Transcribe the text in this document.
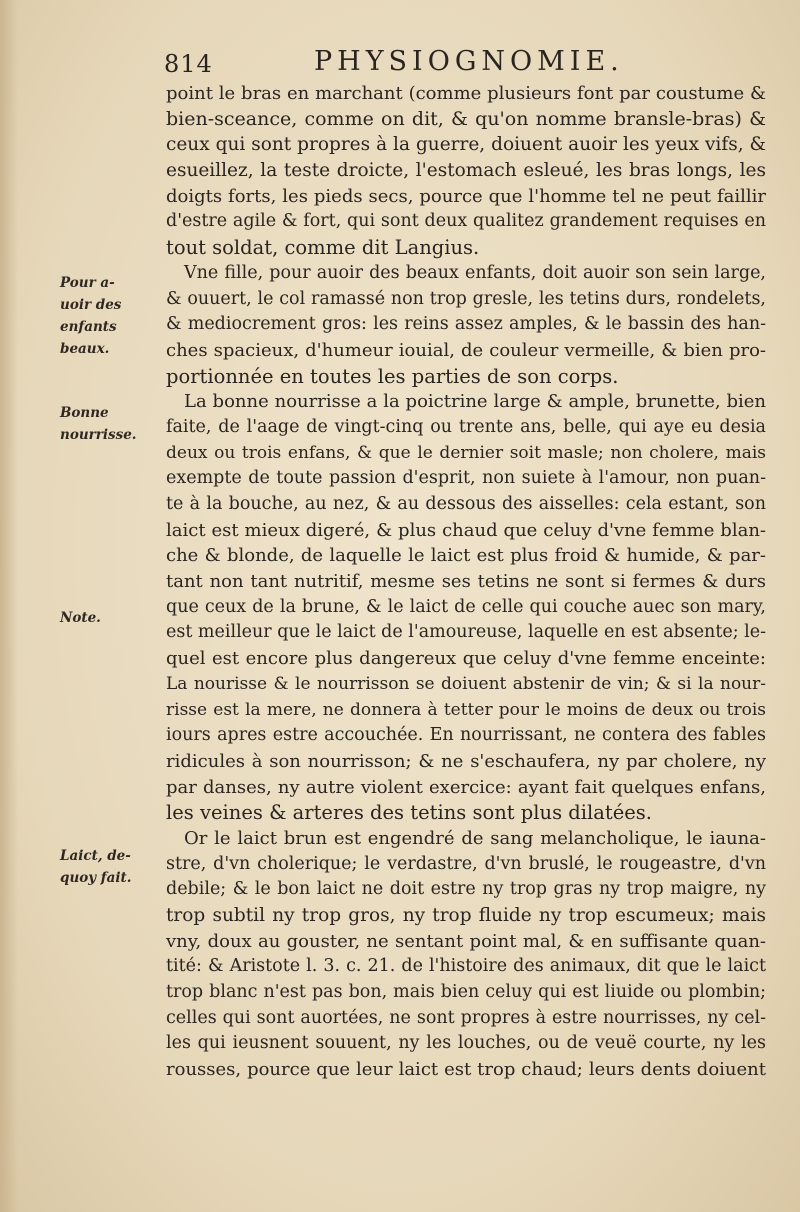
814	PHYSIOGNOMIE.
Pour a-
uoir des
enfants
beaux.
Bonne
nourrisse.
Note.
Laict, de-
quoy fait.
point le bras en marchant (comme plusieurs font par coustume &
bien-sceance, comme on dit, & qu'on nomme bransle-bras) &
ceux qui sont propres à la guerre, doiuent auoir les yeux vifs, &
esueillez, la teste droicte, l'estomach esleué, les bras longs, les
doigts forts, les pieds secs, pource que l'homme tel ne peut faillir
d'estre agile & fort, qui sont deux qualitez grandement requises en
tout soldat, comme dit Langius.
Vne fille, pour auoir des beaux enfants, doit auoir son sein large,
& ouuert, le col ramassé non trop gresle, les tetins durs, rondelets,
& mediocrement gros: les reins assez amples, & le bassin des han-
ches spacieux, d'humeur iouial, de couleur vermeille, & bien pro-
portionnée en toutes les parties de son corps.
La bonne nourrisse a la poictrine large & ample, brunette, bien
faite, de l'aage de vingt-cinq ou trente ans, belle, qui aye eu desia
deux ou trois enfans, & que le dernier soit masle; non cholere, mais
exempte de toute passion d'esprit, non suiete à l'amour, non puan-
te à la bouche, au nez, & au dessous des aisselles: cela estant, son
laict est mieux digeré, & plus chaud que celuy d'vne femme blan-
che & blonde, de laquelle le laict est plus froid & humide, & par-
tant non tant nutritif, mesme ses tetins ne sont si fermes & durs
que ceux de la brune, & le laict de celle qui couche auec son mary,
est meilleur que le laict de l'amoureuse, laquelle en est absente; le-
quel est encore plus dangereux que celuy d'vne femme enceinte:
La nourisse & le nourrisson se doiuent abstenir de vin; & si la nour-
risse est la mere, ne donnera à tetter pour le moins de deux ou trois
iours apres estre accouchée. En nourrissant, ne contera des fables
ridicules à son nourrisson; & ne s'eschaufera, ny par cholere, ny
par danses, ny autre violent exercice: ayant fait quelques enfans,
les veines & arteres des tetins sont plus dilatées.
Or le laict brun est engendré de sang melancholique, le iauna-
stre, d'vn cholerique; le verdastre, d'vn bruslé, le rougeastre, d'vn
debile; & le bon laict ne doit estre ny trop gras ny trop maigre, ny
trop subtil ny trop gros, ny trop fluide ny trop escumeux; mais
vny, doux au gouster, ne sentant point mal, & en suffisante quan-
tité: & Aristote l. 3. c. 21. de l'histoire des animaux, dit que le laict
trop blanc n'est pas bon, mais bien celuy qui est liuide ou plombin;
celles qui sont auortées, ne sont propres à estre nourrisses, ny cel-
les qui ieusnent souuent, ny les louches, ou de veuë courte, ny les
rousses, pource que leur laict est trop chaud; leurs dents doiuent
